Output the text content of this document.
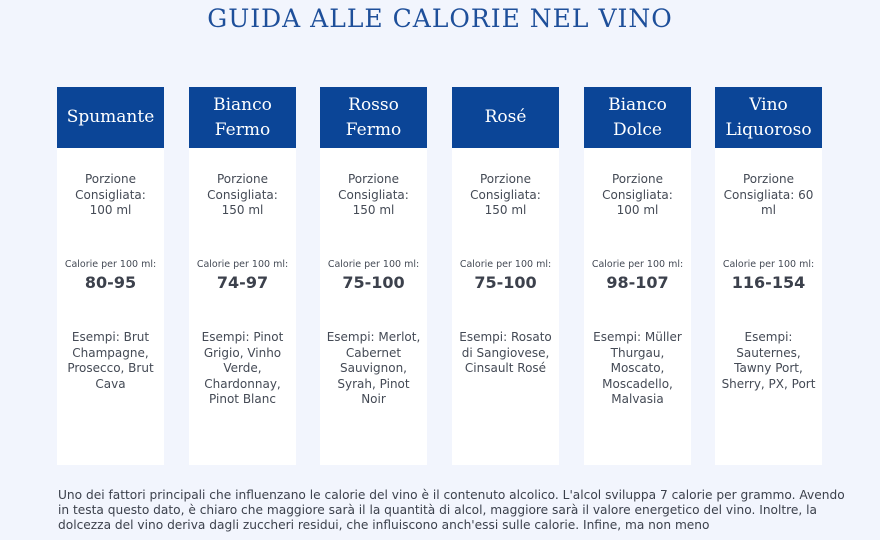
GUIDA ALLE CALORIE NEL VINO
Spumante
Porzione Consigliata: 100 ml
Calorie per 100 ml:
80-95
Esempi: Brut Champagne, Prosecco, Brut Cava
Bianco Fermo
Porzione Consigliata: 150 ml
Calorie per 100 ml:
74-97
Esempi: Pinot Grigio, Vinho Verde, Chardonnay, Pinot Blanc
Rosso Fermo
Porzione Consigliata: 150 ml
Calorie per 100 ml:
75-100
Esempi: Merlot, Cabernet Sauvignon, Syrah, Pinot Noir
Rosé
Porzione Consigliata: 150 ml
Calorie per 100 ml:
75-100
Esempi: Rosato di Sangiovese, Cinsault Rosé
Bianco Dolce
Porzione Consigliata: 100 ml
Calorie per 100 ml:
98-107
Esempi: Müller Thurgau, Moscato, Moscadello, Malvasia
Vino Liquoroso
Porzione Consigliata: 60 ml
Calorie per 100 ml:
116-154
Esempi: Sauternes, Tawny Port, Sherry, PX, Port

Uno dei fattori principali che influenzano le calorie del vino è il contenuto alcolico. L'alcol sviluppa 7 calorie per grammo. Avendo in testa questo dato, è chiaro che maggiore sarà il la quantità di alcol, maggiore sarà il valore energetico del vino. Inoltre, la dolcezza del vino deriva dagli zuccheri residui, che influiscono anch'essi sulle calorie. Infine, ma non meno
